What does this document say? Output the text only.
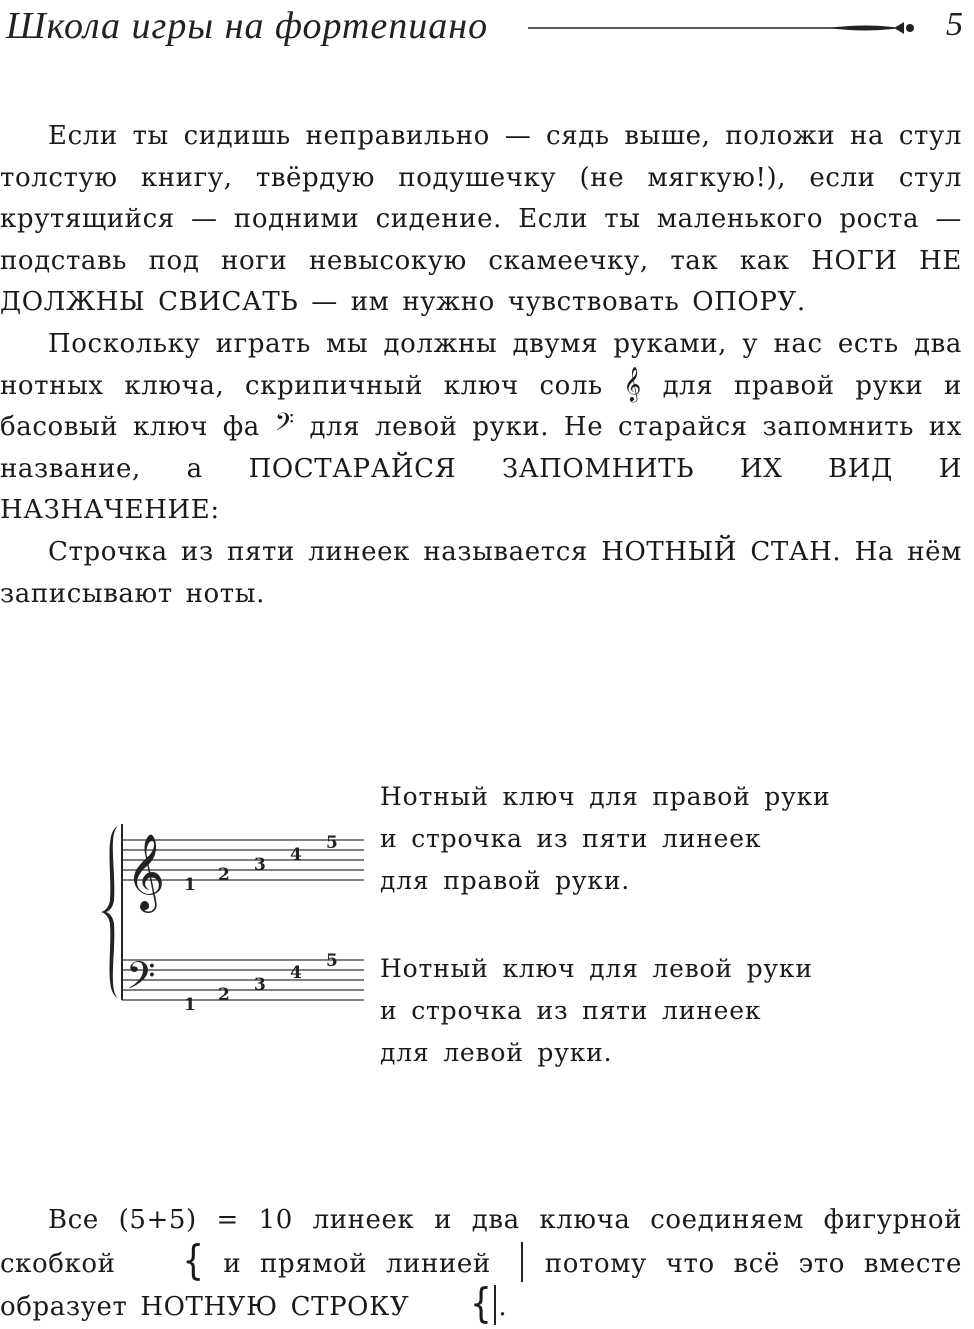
Школа игры на фортепиано	5

Если ты сидишь неправильно — сядь выше, положи на стул толстую книгу, твёрдую подушечку (не мягкую!), если стул крутящийся — подними сидение. Если ты маленького роста — подставь под ноги невысокую скамеечку, так как НОГИ НЕ ДОЛЖНЫ СВИСАТЬ — им нужно чувствовать ОПОРУ.

Поскольку играть мы должны двумя руками, у нас есть два нотных ключа, скрипичный ключ соль 𝄞 для правой руки и басовый ключ фа 𝄢 для левой руки. Не старайся запомнить их название, а ПОСТАРАЙСЯ ЗАПОМНИТЬ ИХ ВИД И НАЗНАЧЕНИЕ:

Строчка из пяти линеек называется НОТНЫЙ СТАН. На нём записывают ноты.

𝄞
𝄢
1 2 3 4
5
1 2 3
4
5
Нотный ключ для правой руки
и строчка из пяти линеек
для правой руки.
Нотный ключ для левой руки
и строчка из пяти линеек
для левой руки.

Все (5+5) = 10 линеек и два ключа соединяем фигурной скобкой { и прямой линией потому что всё это вместе образует НОТНУЮ СТРОКУ { .
